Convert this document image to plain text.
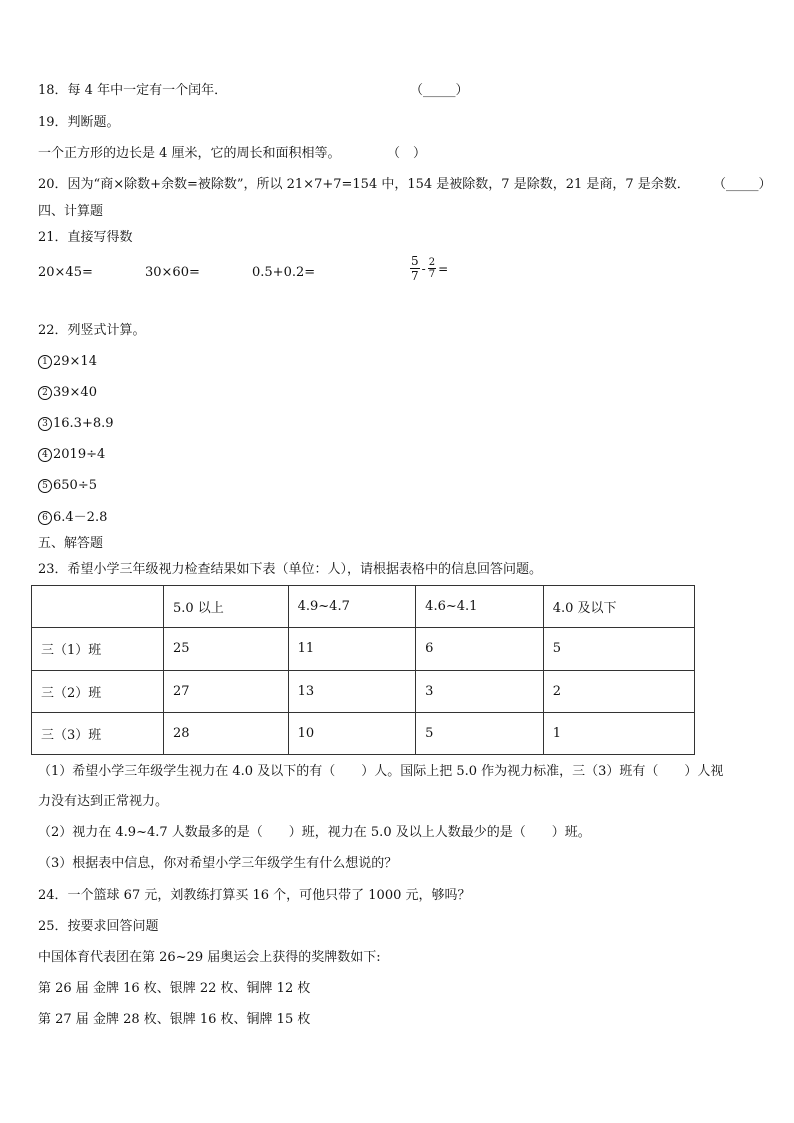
18．每 4 年中一定有一个闰年．	（_____）
19．判断题。
一个正方形的边长是 4 厘米，它的周长和面积相等。	（　）
20．因为“商×除数+余数=被除数”，所以 21×7+7=154 中，154 是被除数，7 是除数，21 是商，7 是余数． （_____）
四、计算题
21．直接写得数
20×45=	30×60=	0.5+0.2=	$\frac{5}{7} - \frac{2}{7}$ =
22．列竖式计算。
1 29×14
2 39×40
3 16.3+8.9
4 2019÷4
5 650÷5
6 6.4－2.8
五、解答题
23．希望小学三年级视力检查结果如下表（单位：人），请根据表格中的信息回答问题。
	5.0 以上	4.9~4.7	4.6~4.1	4.0 及以下
三（1）班	25	11	6	5
三（2）班	27	13	3	2
三（3）班	28	10	5	1
（1）希望小学三年级学生视力在 4.0 及以下的有（　　）人。国际上把 5.0 作为视力标准，三（3）班有（　　）人视
力没有达到正常视力。
（2）视力在 4.9~4.7 人数最多的是（　　）班，视力在 5.0 及以上人数最少的是（　　）班。
（3）根据表中信息，你对希望小学三年级学生有什么想说的？
24．一个篮球 67 元，刘教练打算买 16 个，可他只带了 1000 元，够吗？
25．按要求回答问题
中国体育代表团在第 26~29 届奥运会上获得的奖牌数如下:
第 26 届 金牌 16 枚、银牌 22 枚、铜牌 12 枚
第 27 届 金牌 28 枚、银牌 16 枚、铜牌 15 枚
